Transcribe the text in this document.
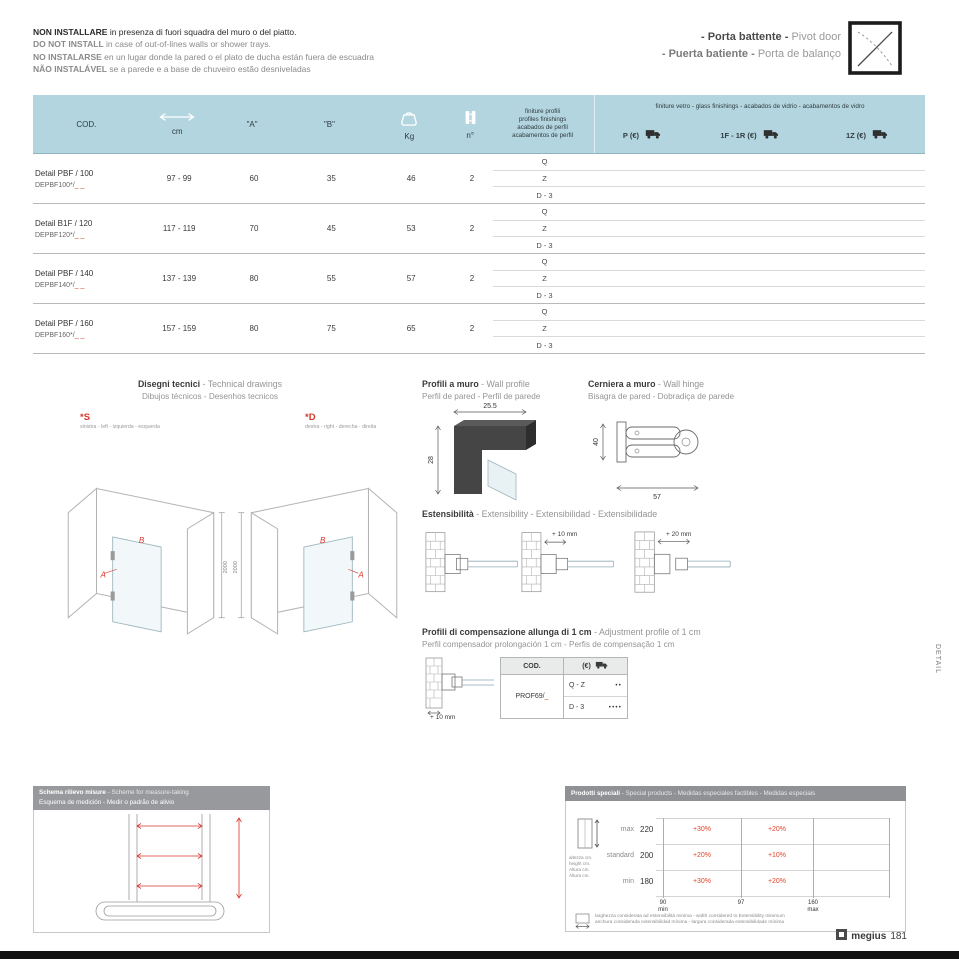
NON INSTALLARE in presenza di fuori squadra del muro o del piatto.
DO NOT INSTALL in case of out-of-lines walls or shower trays.
NO INSTALARSE en un lugar donde la pared o el plato de ducha están fuera de escuadra
NÃO INSTALÁVEL se a parede e a base de chuveiro estão desniveladas
- Porta battente - Pivot door
- Puerta batiente - Porta de balanço
COD.
cm
"A"	"B"
Kg	n°
finiture profili
profiles finishings
acabados de perfil
acabamentos de perfil
finiture vetro - glass finishings - acabados de vidrio - acabamentos de vidro
P (€)	1F - 1R (€)	1Z (€)
Detail PBF / 100
DEPBF100*/_ _
97 - 99	60	35	46	2
Q
Z
D - 3
Detail B1F / 120
DEPBF120*/_ _
117 - 119	70	45	53	2
Q
Z
D - 3
Detail PBF / 140
DEPBF140*/_ _
137 - 139	80	55	57	2
Q
Z
D - 3
Detail PBF / 160
DEPBF160*/_ _
157 - 159	80	75	65	2
Q
Z
D - 3
Disegni tecnici - Technical drawings
Dibujos técnicos - Desenhos tecnicos
*S
sinistra - left - izquierda - esquerda
*D
destra - right - derecha - direita
A
B
2000
A
B
2000
Profili a muro - Wall profile
Perfil de pared - Perfil de parede
25.5
28
Cerniera a muro - Wall hinge
Bisagra de pared - Dobradiça de parede
40
57
Estensibilità - Extensibility - Extensibilidad - Extensibilidade
+ 10 mm	+ 20 mm
Profili di compensazione allunga di 1 cm - Adjustment profile of 1 cm
Perfil compensador prolongación 1 cm - Perfis de compensação 1 cm
+ 10 mm
COD.	(€)
PROF69/ _
Q - Z	••
D - 3	••••
Schema rilievo misure - Scheme for measure-taking
Esquema de medición - Medir o padrão de alivio
Prodotti speciali - Special products - Medidas especiales factibles - Medidas especiais
altezza cm.
height cm.
Altura cm.
Altura cm.
max 220	+30%	+20%
standard 200	+20%	+10%
min 180	+30%	+20%
90
min
97	160
max
larghezza considerata ad estensibilità minima - width considered to Extensibility minimum
anchura considerada extensibilidad mínima - largura considerada extensibilidade mínima
DETAIL
megius 181
